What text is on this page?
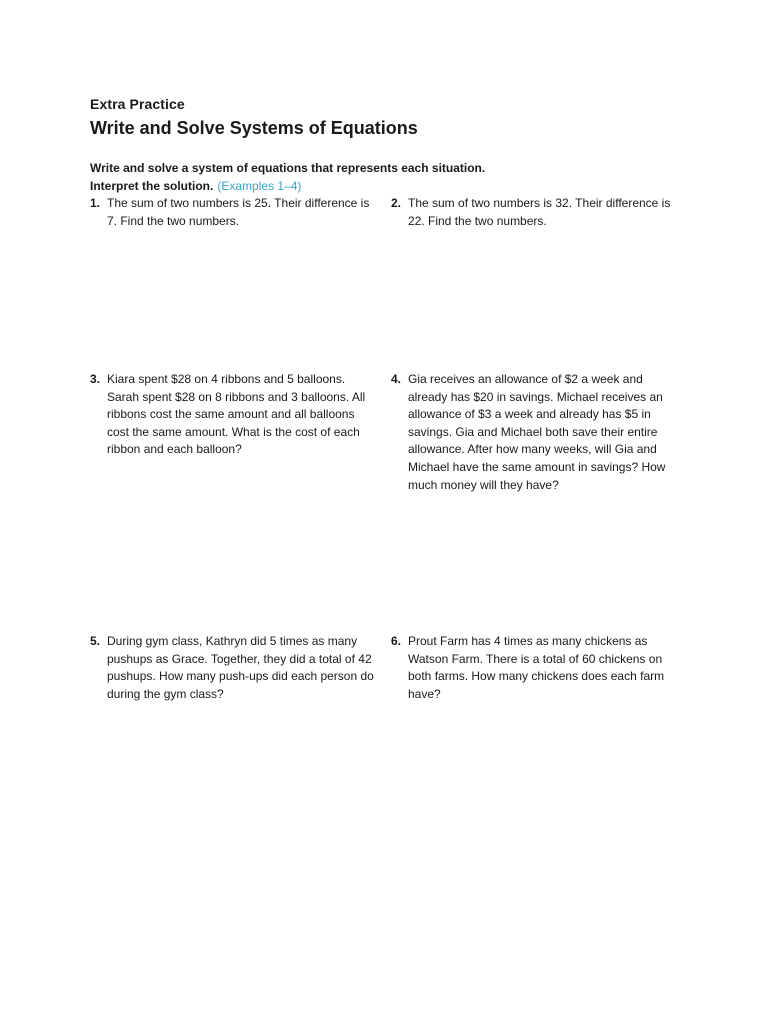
Extra Practice
Write and Solve Systems of Equations
Write and solve a system of equations that represents each situation.
Interpret the solution. (Examples 1–4)
1. The sum of two numbers is 25. Their difference is 7. Find the two numbers.
2. The sum of two numbers is 32. Their difference is 22. Find the two numbers.
3. Kiara spent $28 on 4 ribbons and 5 balloons. Sarah spent $28 on 8 ribbons and 3 balloons. All ribbons cost the same amount and all balloons cost the same amount. What is the cost of each ribbon and each balloon?
4. Gia receives an allowance of $2 a week and already has $20 in savings. Michael receives an allowance of $3 a week and already has $5 in savings. Gia and Michael both save their entire allowance. After how many weeks, will Gia and Michael have the same amount in savings? How much money will they have?
5. During gym class, Kathryn did 5 times as many pushups as Grace. Together, they did a total of 42 pushups. How many push-ups did each person do during the gym class?
6. Prout Farm has 4 times as many chickens as Watson Farm. There is a total of 60 chickens on both farms. How many chickens does each farm have?
